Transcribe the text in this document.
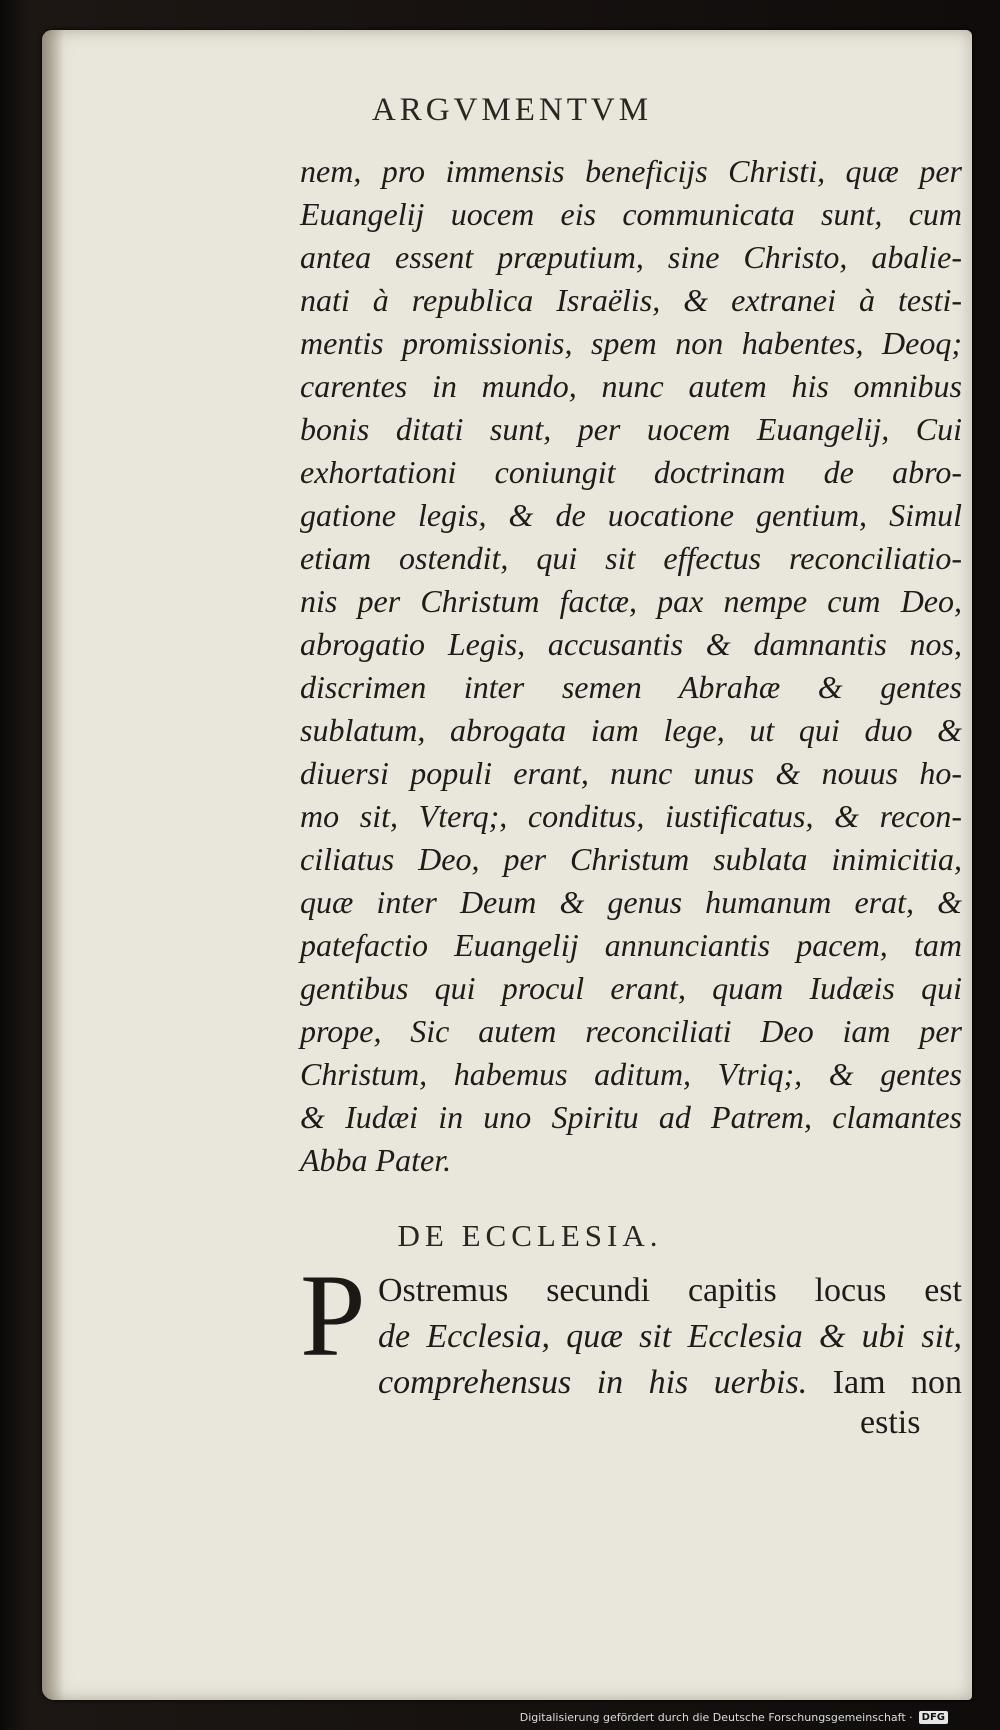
ARGVMENTVM
nem, pro immensis beneficijs Christi, quæ per
Euangelij uocem eis communicata sunt, cum
antea essent præputium, sine Christo, abalie-
nati à republica Israëlis, & extranei à testi-
mentis promissionis, spem non habentes, Deoq;
carentes in mundo, nunc autem his omnibus
bonis ditati sunt, per uocem Euangelij, Cui
exhortationi coniungit doctrinam de abro-
gatione legis, & de uocatione gentium, Simul
etiam ostendit, qui sit effectus reconciliatio-
nis per Christum factæ, pax nempe cum Deo,
abrogatio Legis, accusantis & damnantis nos,
discrimen inter semen Abrahæ & gentes
sublatum, abrogata iam lege, ut qui duo &
diuersi populi erant, nunc unus & nouus ho-
mo sit, Vterq;, conditus, iustificatus, & recon-
ciliatus Deo, per Christum sublata inimicitia,
quæ inter Deum & genus humanum erat, &
patefactio Euangelij annunciantis pacem, tam
gentibus qui procul erant, quam Iudæis qui
prope, Sic autem reconciliati Deo iam per
Christum, habemus aditum, Vtriq;, & gentes
& Iudæi in uno Spiritu ad Patrem, clamantes
Abba Pater.
DE ECCLESIA.
P Ostremus secundi capitis locus est
de Ecclesia, quæ sit Ecclesia & ubi sit,
comprehensus in his uerbis. Iam non
estis
Digitalisierung gefördert durch die Deutsche Forschungsgemeinschaft · DFG
